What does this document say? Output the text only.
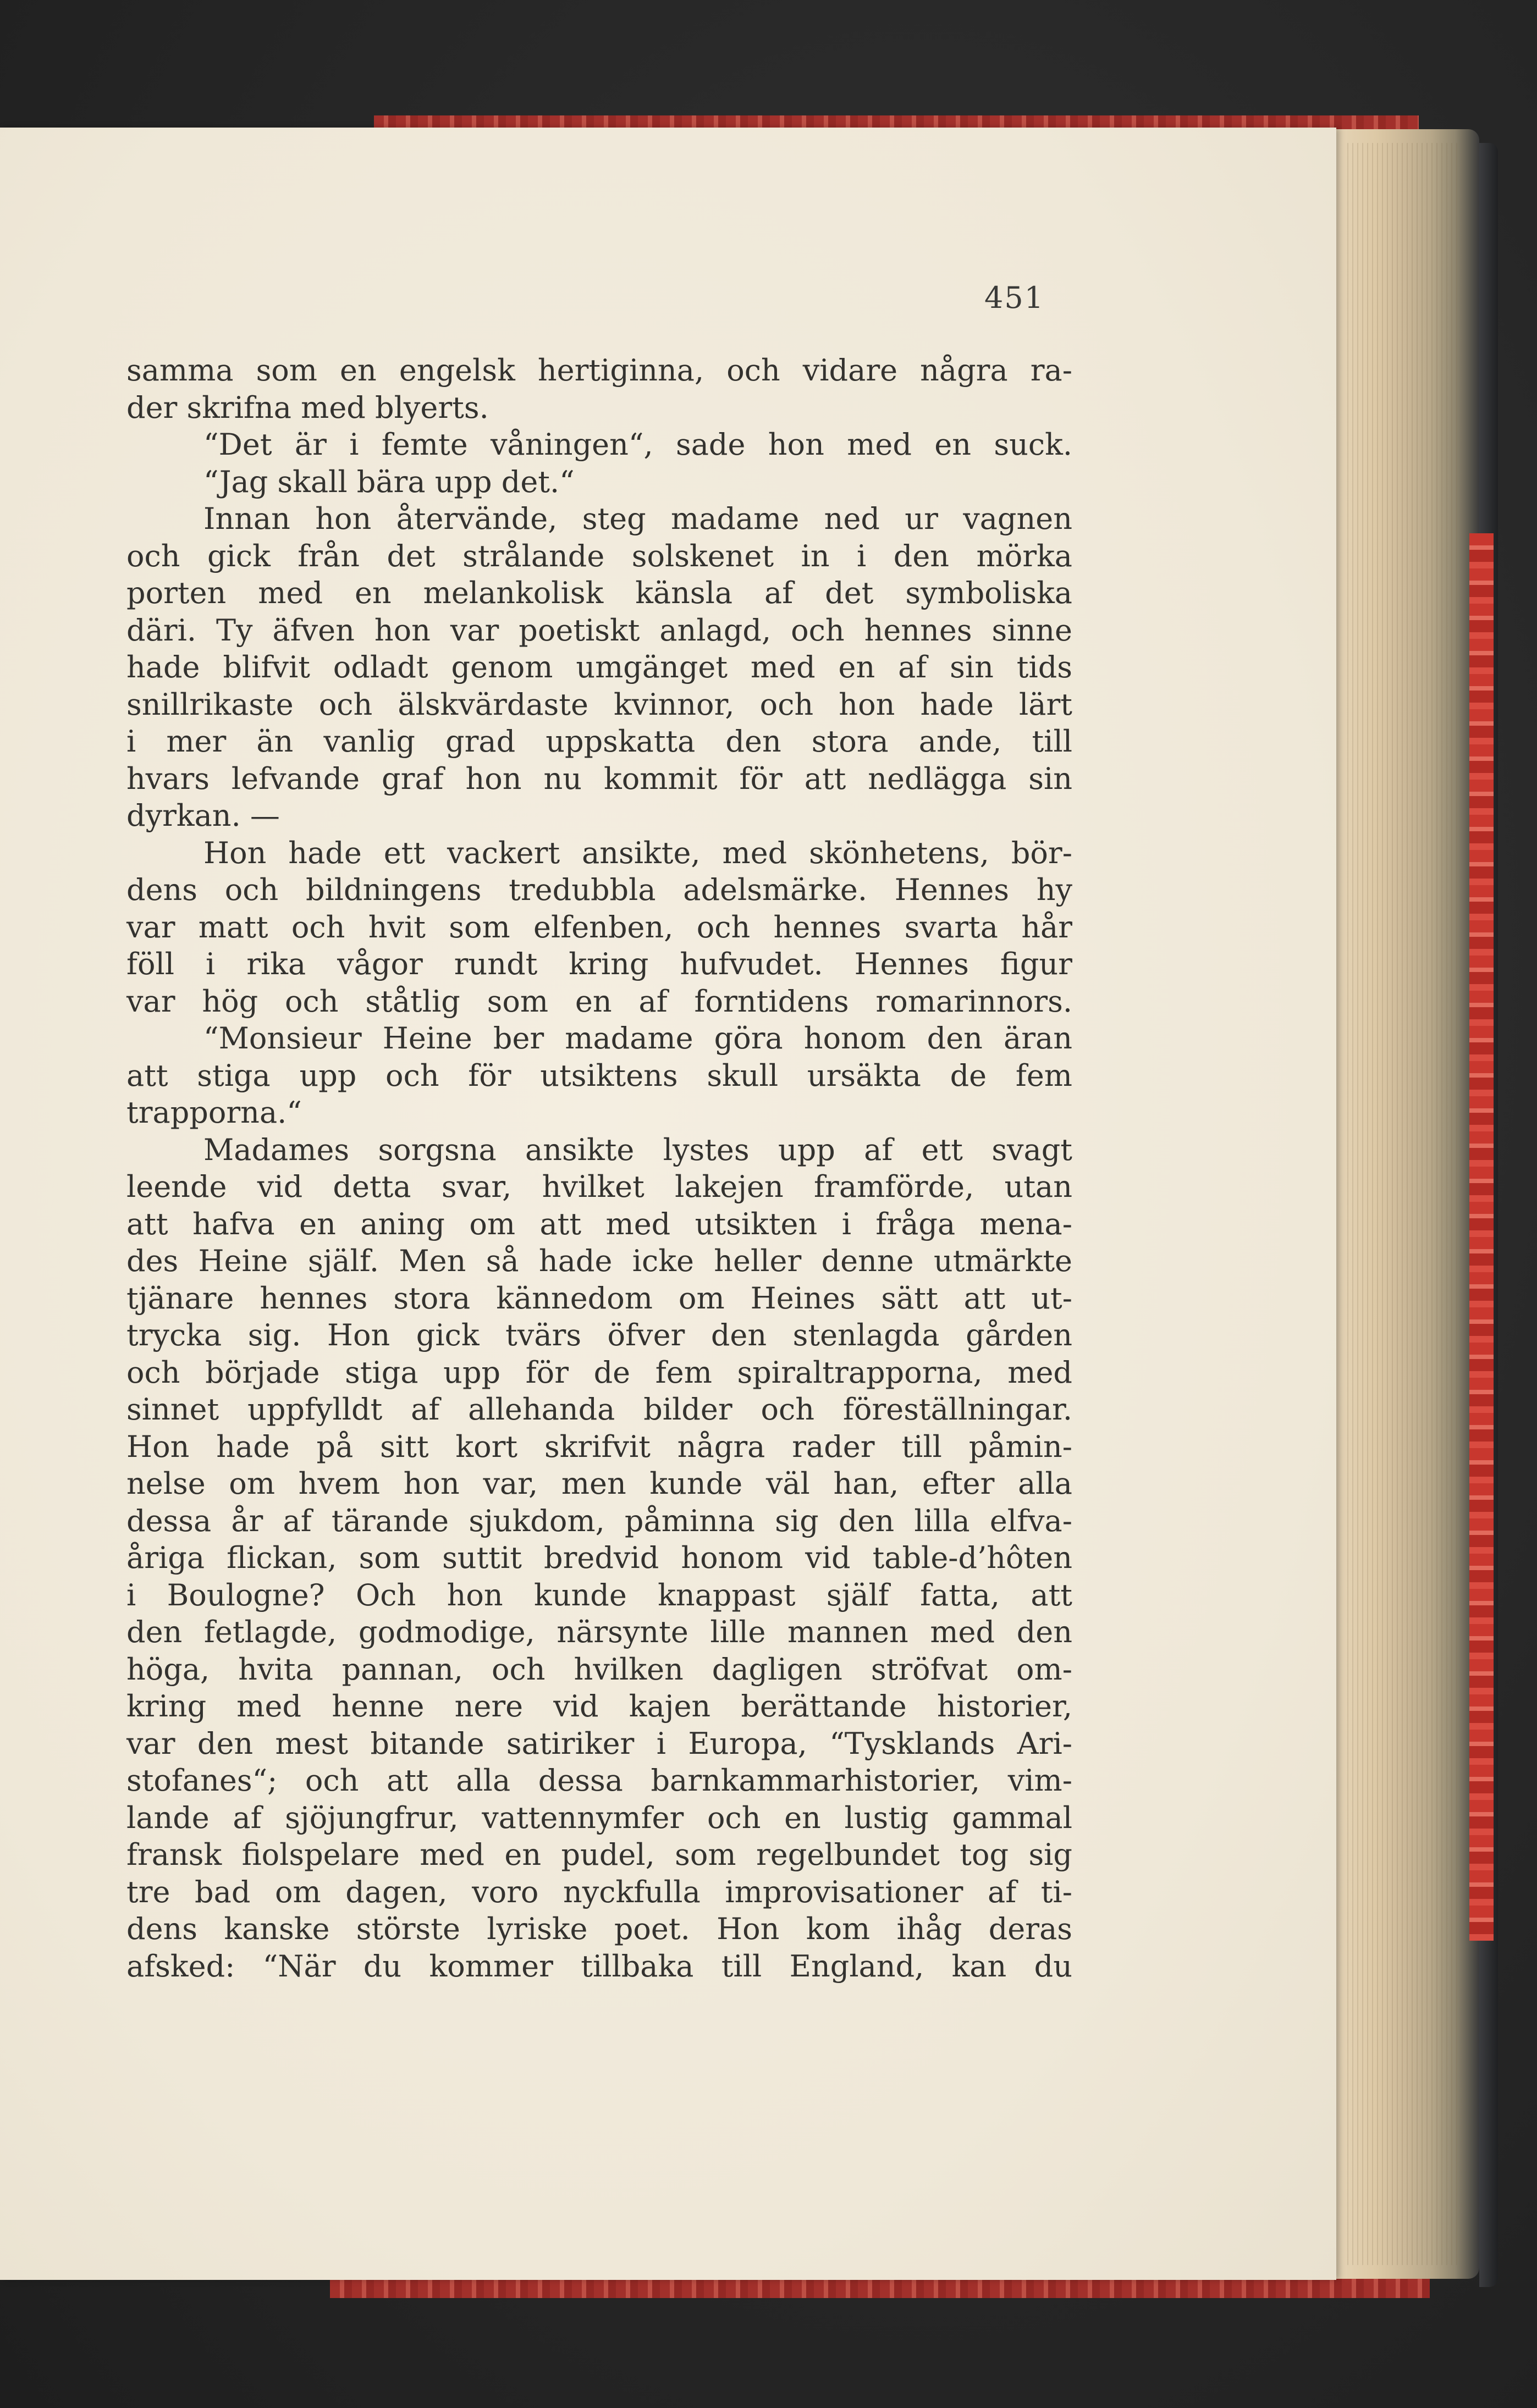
451
samma som en engelsk hertiginna, och vidare några ra-
der skrifna med blyerts.
“Det är i femte våningen“, sade hon med en suck.
“Jag skall bära upp det.“
Innan hon återvände, steg madame ned ur vagnen
och gick från det strålande solskenet in i den mörka
porten med en melankolisk känsla af det symboliska
däri. Ty äfven hon var poetiskt anlagd, och hennes sinne
hade blifvit odladt genom umgänget med en af sin tids
snillrikaste och älskvärdaste kvinnor, och hon hade lärt
i mer än vanlig grad uppskatta den stora ande, till
hvars lefvande graf hon nu kommit för att nedlägga sin
dyrkan. —
Hon hade ett vackert ansikte, med skönhetens, bör-
dens och bildningens tredubbla adelsmärke. Hennes hy
var matt och hvit som elfenben, och hennes svarta hår
föll i rika vågor rundt kring hufvudet. Hennes figur
var hög och ståtlig som en af forntidens romarinnors.
“Monsieur Heine ber madame göra honom den äran
att stiga upp och för utsiktens skull ursäkta de fem
trapporna.“
Madames sorgsna ansikte lystes upp af ett svagt
leende vid detta svar, hvilket lakejen framförde, utan
att hafva en aning om att med utsikten i fråga mena-
des Heine själf. Men så hade icke heller denne utmärkte
tjänare hennes stora kännedom om Heines sätt att ut-
trycka sig. Hon gick tvärs öfver den stenlagda gården
och började stiga upp för de fem spiraltrapporna, med
sinnet uppfylldt af allehanda bilder och föreställningar.
Hon hade på sitt kort skrifvit några rader till påmin-
nelse om hvem hon var, men kunde väl han, efter alla
dessa år af tärande sjukdom, påminna sig den lilla elfva-
åriga flickan, som suttit bredvid honom vid table-d’hôten
i Boulogne? Och hon kunde knappast själf fatta, att
den fetlagde, godmodige, närsynte lille mannen med den
höga, hvita pannan, och hvilken dagligen ströfvat om-
kring med henne nere vid kajen berättande historier,
var den mest bitande satiriker i Europa, “Tysklands Ari-
stofanes“; och att alla dessa barnkammarhistorier, vim-
lande af sjöjungfrur, vattennymfer och en lustig gammal
fransk fiolspelare med en pudel, som regelbundet tog sig
tre bad om dagen, voro nyckfulla improvisationer af ti-
dens kanske störste lyriske poet. Hon kom ihåg deras
afsked: “När du kommer tillbaka till England, kan du
